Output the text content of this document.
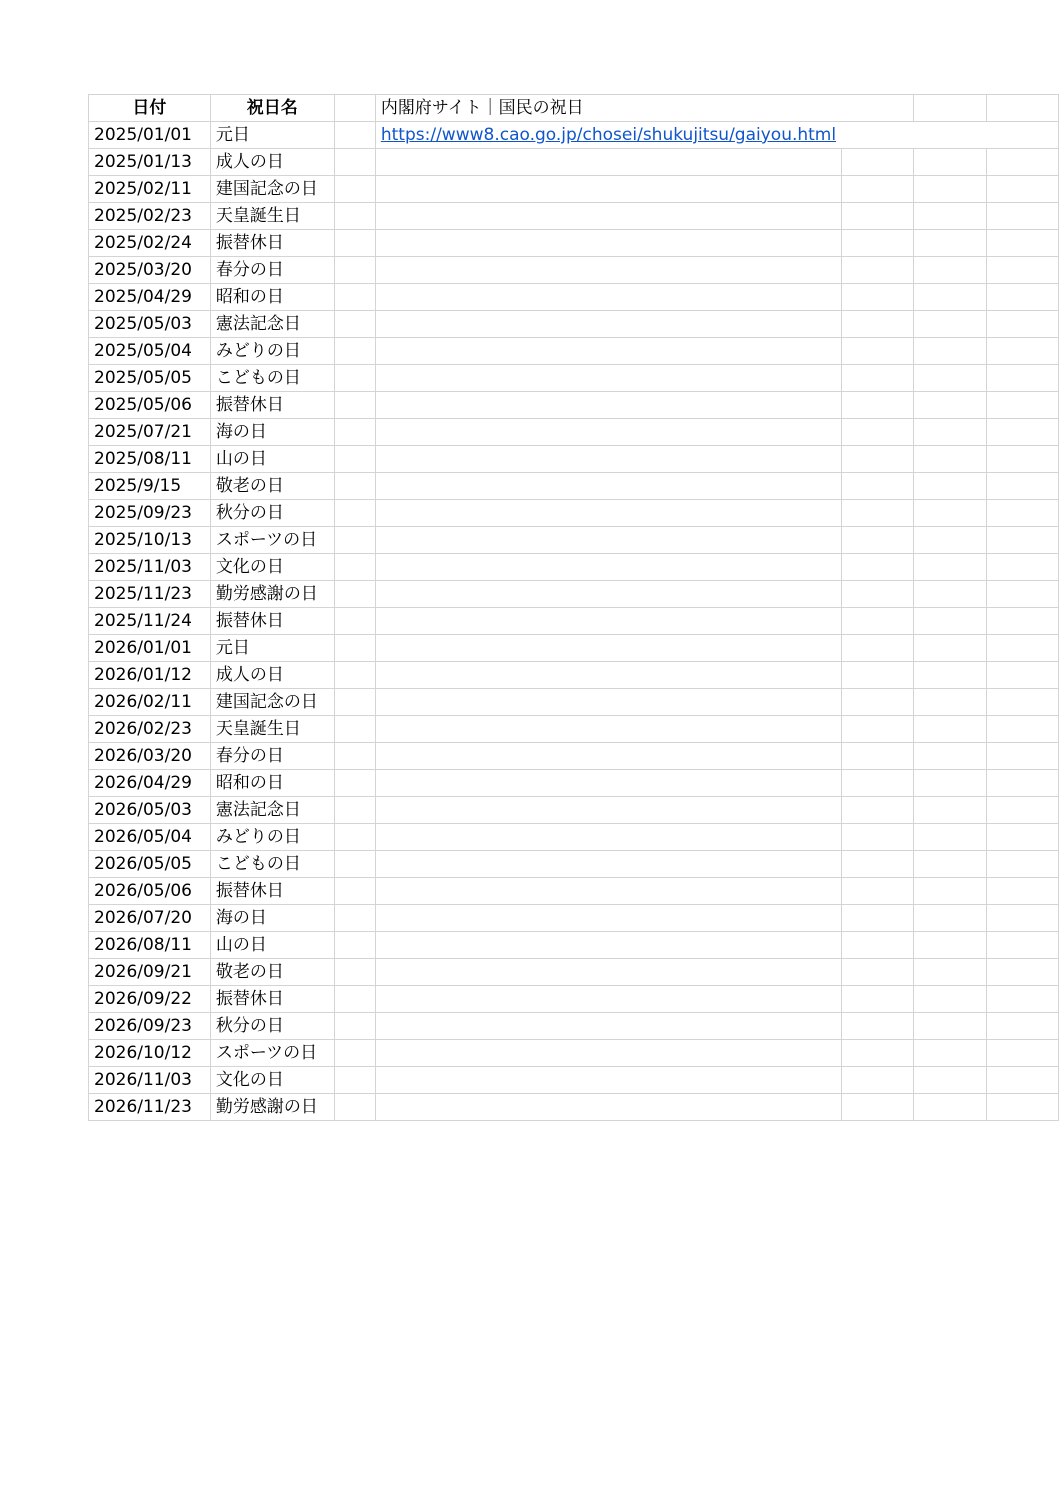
日付	祝日名		内閣府サイト｜国民の祝日			
2025/01/01	元日		https://www8.cao.go.jp/chosei/shukujitsu/gaiyou.html			
2025/01/13	成人の日					
2025/02/11	建国記念の日					
2025/02/23	天皇誕生日					
2025/02/24	振替休日					
2025/03/20	春分の日					
2025/04/29	昭和の日					
2025/05/03	憲法記念日					
2025/05/04	みどりの日					
2025/05/05	こどもの日					
2025/05/06	振替休日					
2025/07/21	海の日					
2025/08/11	山の日					
2025/9/15	敬老の日					
2025/09/23	秋分の日					
2025/10/13	スポーツの日					
2025/11/03	文化の日					
2025/11/23	勤労感謝の日					
2025/11/24	振替休日					
2026/01/01	元日					
2026/01/12	成人の日					
2026/02/11	建国記念の日					
2026/02/23	天皇誕生日					
2026/03/20	春分の日					
2026/04/29	昭和の日					
2026/05/03	憲法記念日					
2026/05/04	みどりの日					
2026/05/05	こどもの日					
2026/05/06	振替休日					
2026/07/20	海の日					
2026/08/11	山の日					
2026/09/21	敬老の日					
2026/09/22	振替休日					
2026/09/23	秋分の日					
2026/10/12	スポーツの日					
2026/11/03	文化の日					
2026/11/23	勤労感謝の日					
